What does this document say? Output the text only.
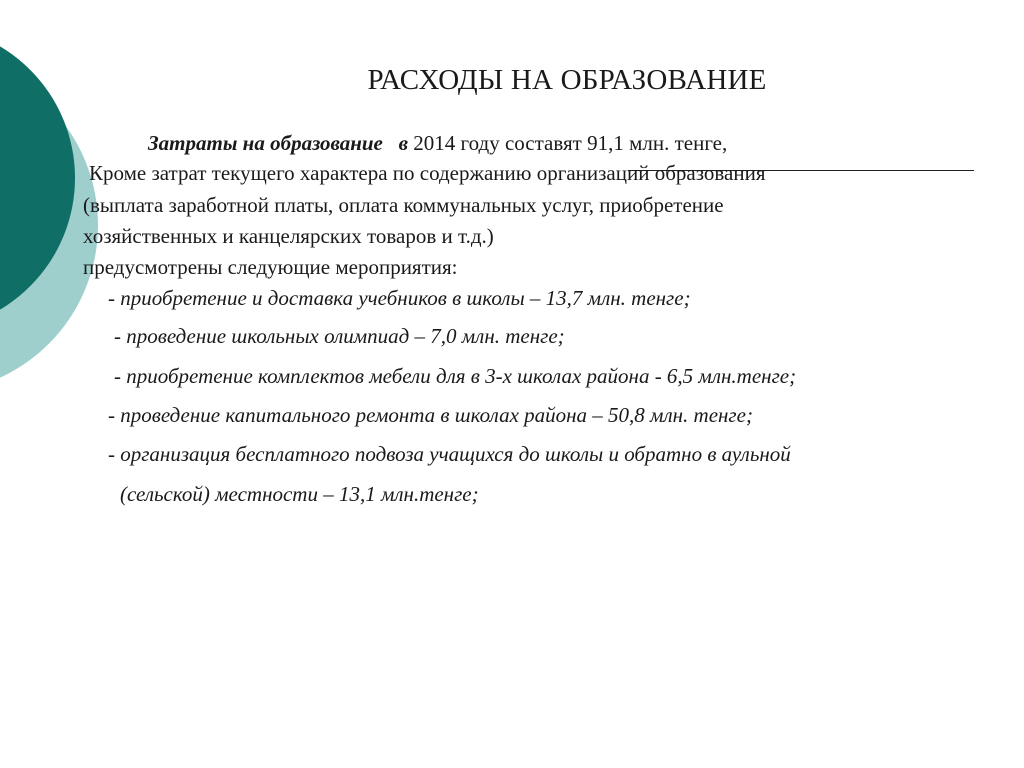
РАСХОДЫ НА ОБРАЗОВАНИЕ
Затраты на образование в 2014 году составят 91,1 млн. тенге,
Кроме затрат текущего характера по содержанию организаций образования
(выплата заработной платы, оплата коммунальных услуг, приобретение
хозяйственных и канцелярских товаров и т.д.)
предусмотрены следующие мероприятия:
- приобретение и доставка учебников в школы – 13,7 млн. тенге;
- проведение школьных олимпиад – 7,0 млн. тенге;
- приобретение комплектов мебели для в 3-х школах района - 6,5 млн.тенге;
- проведение капитального ремонта в школах района – 50,8 млн. тенге;
- организация бесплатного подвоза учащихся до школы и обратно в аульной
(сельской) местности – 13,1 млн.тенге;
